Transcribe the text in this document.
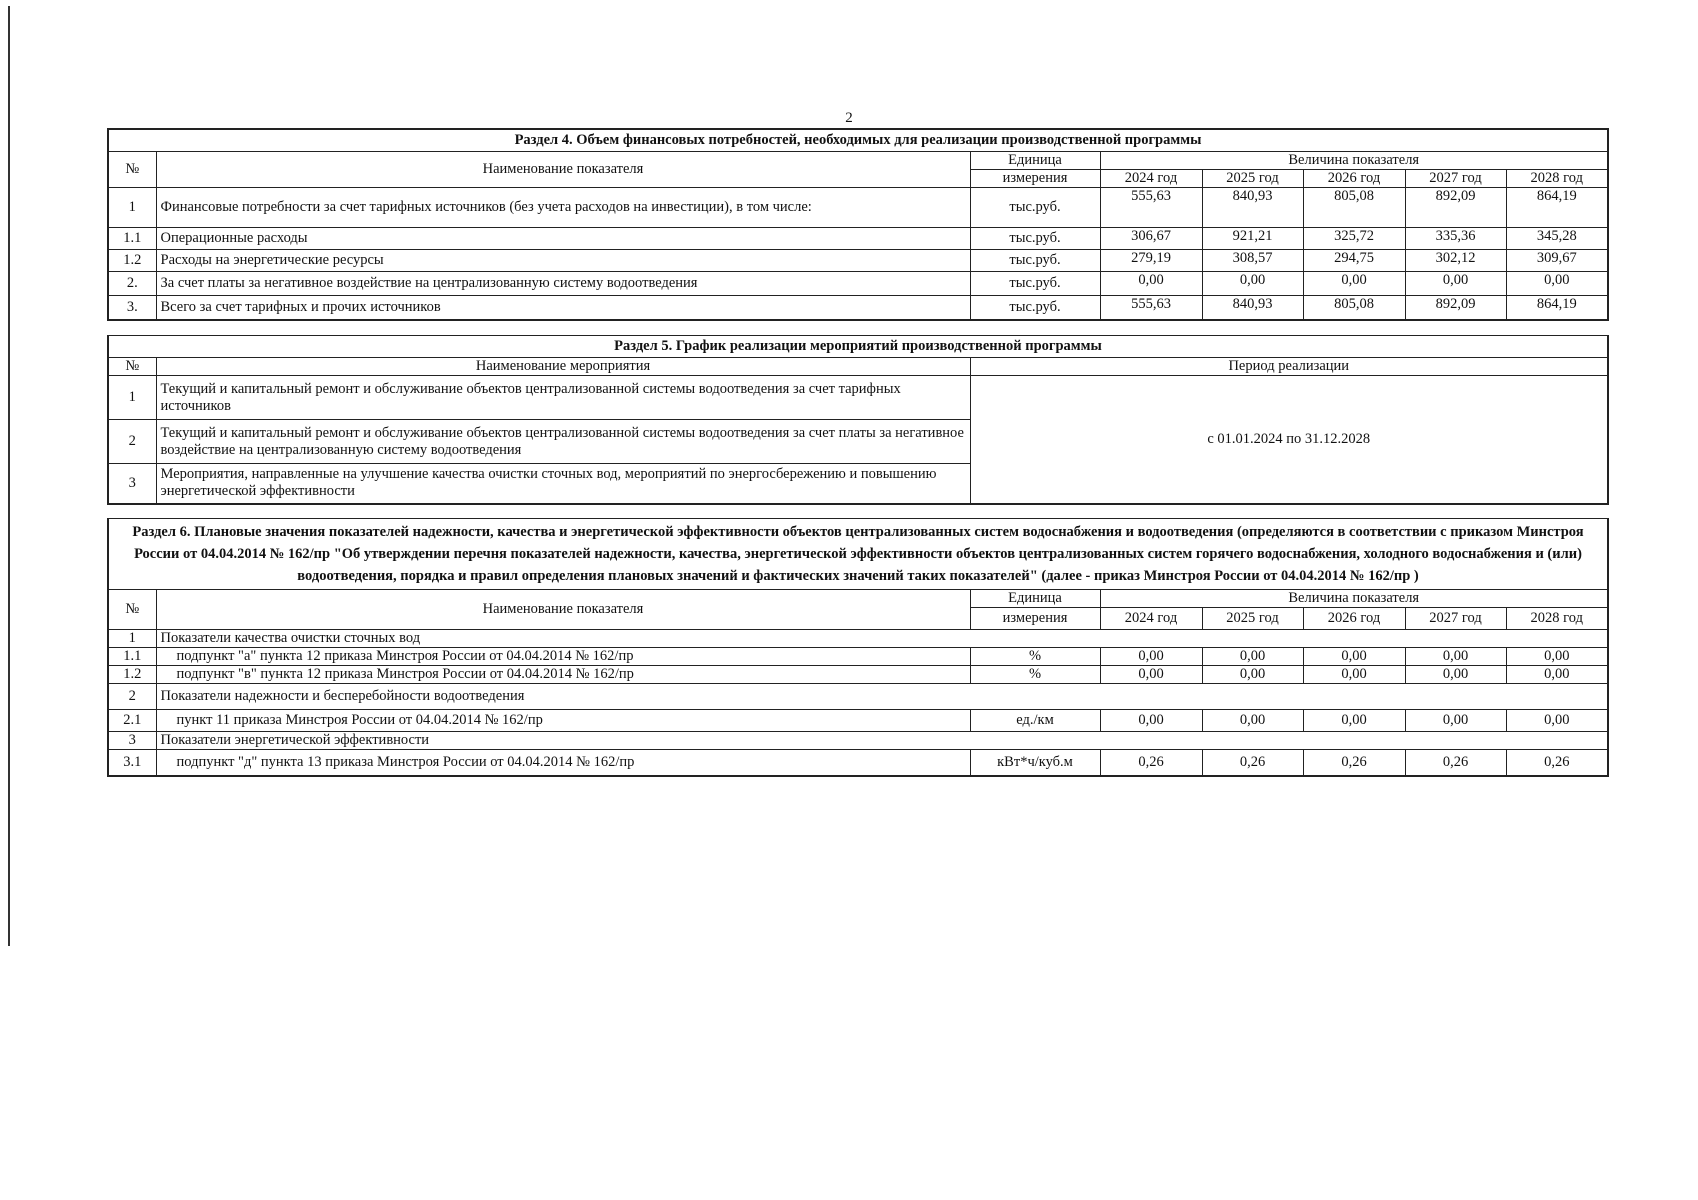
2
Раздел 4. Объем финансовых потребностей, необходимых для реализации производственной программы							
№	Наименование показателя	Единица	Величина показателя				
		измерения	2024 год	2025 год	2026 год	2027 год	2028 год
1	Финансовые потребности за счет тарифных источников (без учета расходов на инвестиции), в том числе:	тыс.руб.	555,63	840,93	805,08	892,09	864,19
1.1	Операционные расходы	тыс.руб.	306,67	921,21	325,72	335,36	345,28
1.2	Расходы на энергетические ресурсы	тыс.руб.	279,19	308,57	294,75	302,12	309,67
2.	За счет платы за негативное воздействие на централизованную систему водоотведения	тыс.руб.	0,00	0,00	0,00	0,00	0,00
3.	Всего за счет тарифных и прочих источников	тыс.руб.	555,63	840,93	805,08	892,09	864,19
Раздел 5. График реализации мероприятий производственной программы		
№	Наименование мероприятия	Период реализации
1	Текущий и капитальный ремонт и обслуживание объектов централизованной системы водоотведения за счет тарифных источников	с 01.01.2024 по 31.12.2028
2	Текущий и капитальный ремонт и обслуживание объектов централизованной системы водоотведения за счет платы за негативное воздействие на централизованную систему водоотведения	
3	Мероприятия, направленные на улучшение качества очистки сточных вод, мероприятий по энергосбережению и повышению энергетической эффективности	
Раздел 6. Плановые значения показателей надежности, качества и энергетической эффективности объектов централизованных систем водоснабжения и водоотведения (определяются в соответствии с приказом Минстроя России от 04.04.2014 № 162/пр "Об утверждении перечня показателей надежности, качества, энергетической эффективности объектов централизованных систем горячего водоснабжения, холодного водоснабжения и (или) водоотведения, порядка и правил определения плановых значений и фактических значений таких показателей" (далее - приказ Минстроя России от 04.04.2014 № 162/пр )							
№	Наименование показателя	Единица	Величина показателя				
		измерения	2024 год	2025 год	2026 год	2027 год	2028 год
1	Показатели качества очистки сточных вод						
1.1	подпункт "а" пункта 12 приказа Минстроя России от 04.04.2014 № 162/пр	%	0,00	0,00	0,00	0,00	0,00
1.2	подпункт "в" пункта 12 приказа Минстроя России от 04.04.2014 № 162/пр	%	0,00	0,00	0,00	0,00	0,00
2	Показатели надежности и бесперебойности водоотведения						
2.1	пункт 11 приказа Минстроя России от 04.04.2014 № 162/пр	ед./км	0,00	0,00	0,00	0,00	0,00
3	Показатели энергетической эффективности						
3.1	подпункт "д" пункта 13 приказа Минстроя России от 04.04.2014 № 162/пр	кВт*ч/куб.м	0,26	0,26	0,26	0,26	0,26
